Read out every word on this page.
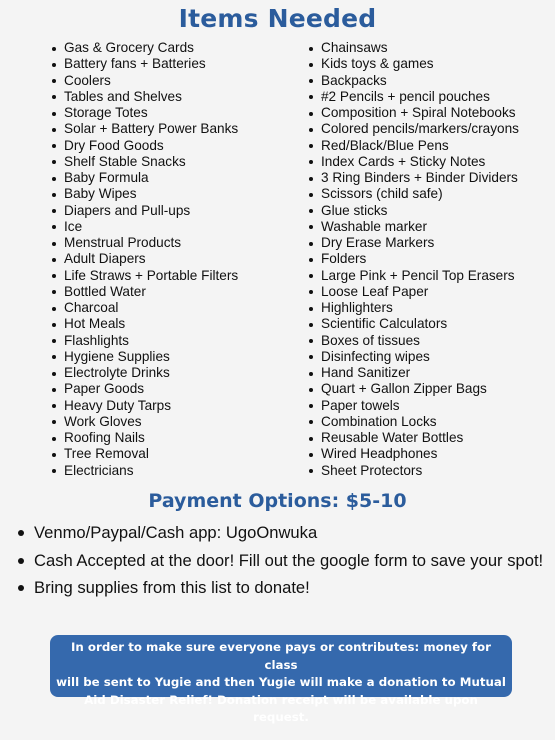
Items Needed
Gas & Grocery Cards
Battery fans + Batteries
Coolers
Tables and Shelves
Storage Totes
Solar + Battery Power Banks
Dry Food Goods
Shelf Stable Snacks
Baby Formula
Baby Wipes
Diapers and Pull-ups
Ice
Menstrual Products
Adult Diapers
Life Straws + Portable Filters
Bottled Water
Charcoal
Hot Meals
Flashlights
Hygiene Supplies
Electrolyte Drinks
Paper Goods
Heavy Duty Tarps
Work Gloves
Roofing Nails
Tree Removal
Electricians
Chainsaws
Kids toys & games
Backpacks
#2 Pencils + pencil pouches
Composition + Spiral Notebooks
Colored pencils/markers/crayons
Red/Black/Blue Pens
Index Cards + Sticky Notes
3 Ring Binders + Binder Dividers
Scissors (child safe)
Glue sticks
Washable marker
Dry Erase Markers
Folders
Large Pink + Pencil Top Erasers
Loose Leaf Paper
Highlighters
Scientific Calculators
Boxes of tissues
Disinfecting wipes
Hand Sanitizer
Quart + Gallon Zipper Bags
Paper towels
Combination Locks
Reusable Water Bottles
Wired Headphones
Sheet Protectors
Payment Options: $5-10
Venmo/Paypal/Cash app: UgoOnwuka
Cash Accepted at the door! Fill out the google form to save your spot!
Bring supplies from this list to donate!
In order to make sure everyone pays or contributes: money for class
will be sent to Yugie and then Yugie will make a donation to Mutual
Aid Disaster Relief! Donation receipt will be available upon request.
